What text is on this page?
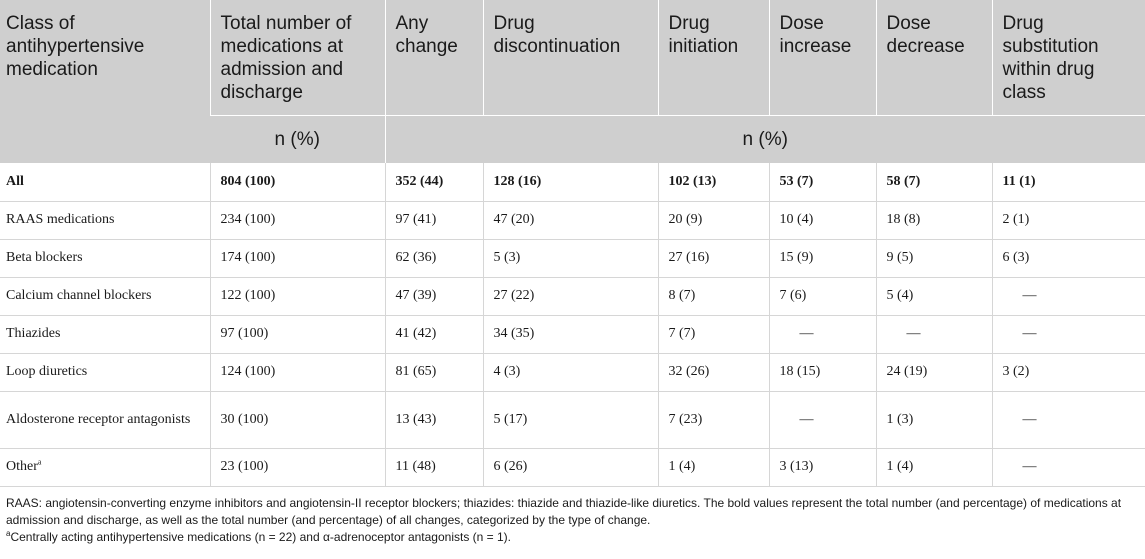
Class of antihypertensive medication	Total number of medications at admission and discharge	Any change	Drug discontinuation	Drug initiation	Dose increase	Dose decrease	Drug substitution within drug class
	n (%)	n (%)					
All	804 (100)	352 (44)	128 (16)	102 (13)	53 (7)	58 (7)	11 (1)
RAAS medications	234 (100)	97 (41)	47 (20)	20 (9)	10 (4)	18 (8)	2 (1)
Beta blockers	174 (100)	62 (36)	5 (3)	27 (16)	15 (9)	9 (5)	6 (3)
Calcium channel blockers	122 (100)	47 (39)	27 (22)	8 (7)	7 (6)	5 (4)	—
Thiazides	97 (100)	41 (42)	34 (35)	7 (7)	—	—	—
Loop diuretics	124 (100)	81 (65)	4 (3)	32 (26)	18 (15)	24 (19)	3 (2)
Aldosterone receptor antagonists	30 (100)	13 (43)	5 (17)	7 (23)	—	1 (3)	—
Other$^a$	23 (100)	11 (48)	6 (26)	1 (4)	3 (13)	1 (4)	—
RAAS: angiotensin-converting enzyme inhibitors and angiotensin-II receptor blockers; thiazides: thiazide and thiazide-like diuretics. The bold values represent the total number (and percentage) of medications at admission and discharge, as well as the total number (and percentage) of all changes, categorized by the type of change.
$^a$Centrally acting antihypertensive medications (n = 22) and α-adrenoceptor antagonists (n = 1).
